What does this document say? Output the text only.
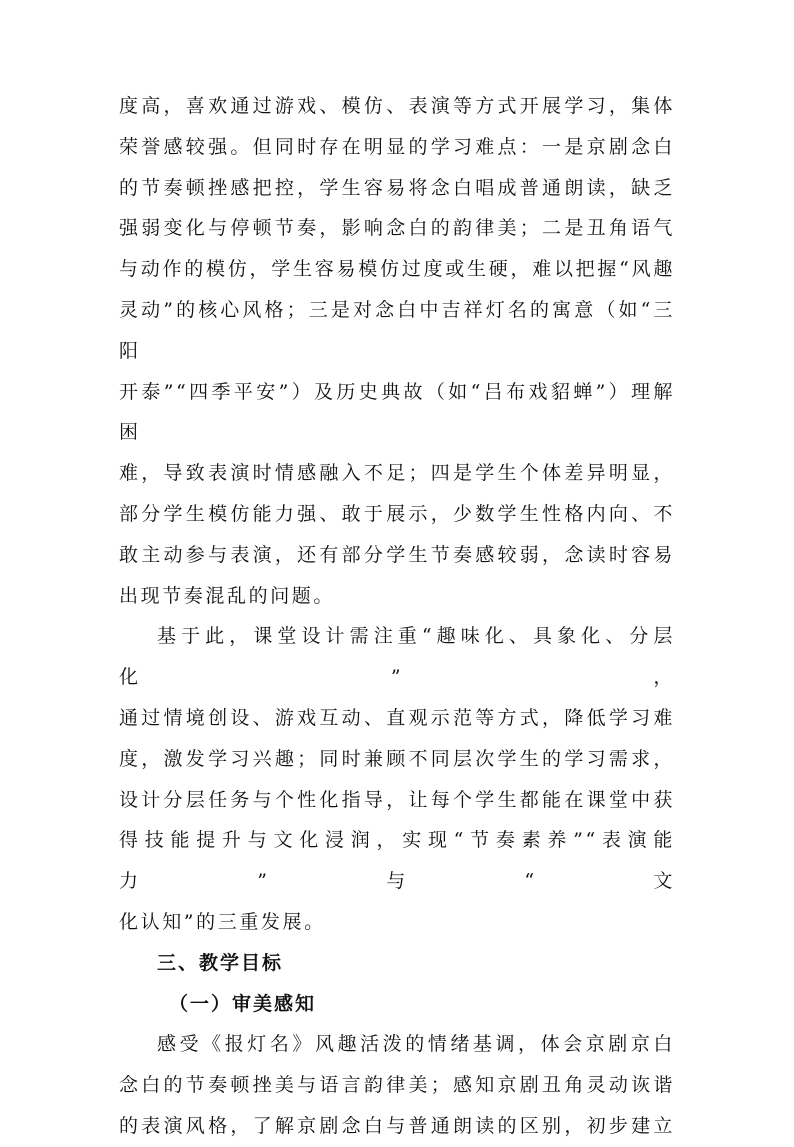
度高，喜欢通过游戏、模仿、表演等方式开展学习，集体

荣誉感较强。但同时存在明显的学习难点：一是京剧念白

的节奏顿挫感把控，学生容易将念白唱成普通朗读，缺乏

强弱变化与停顿节奏，影响念白的韵律美；二是丑角语气

与动作的模仿，学生容易模仿过度或生硬，难以把握“风趣

灵动”的核心风格；三是对念白中吉祥灯名的寓意（如“三阳

开泰”“四季平安”）及历史典故（如“吕布戏貂蝉”）理解困

难，导致表演时情感融入不足；四是学生个体差异明显，

部分学生模仿能力强、敢于展示，少数学生性格内向、不

敢主动参与表演，还有部分学生节奏感较弱，念读时容易

出现节奏混乱的问题。

基于此，课堂设计需注重“趣味化、具象化、分层化”，

通过情境创设、游戏互动、直观示范等方式，降低学习难

度，激发学习兴趣；同时兼顾不同层次学生的学习需求，

设计分层任务与个性化指导，让每个学生都能在课堂中获

得技能提升与文化浸润，实现“节奏素养”“表演能力”与“文

化认知”的三重发展。

三、教学目标
（一）审美感知

感受《报灯名》风趣活泼的情绪基调，体会京剧京白

念白的节奏顿挫美与语言韵律美；感知京剧丑角灵动诙谐

的表演风格，了解京剧念白与普通朗读的区别，初步建立
